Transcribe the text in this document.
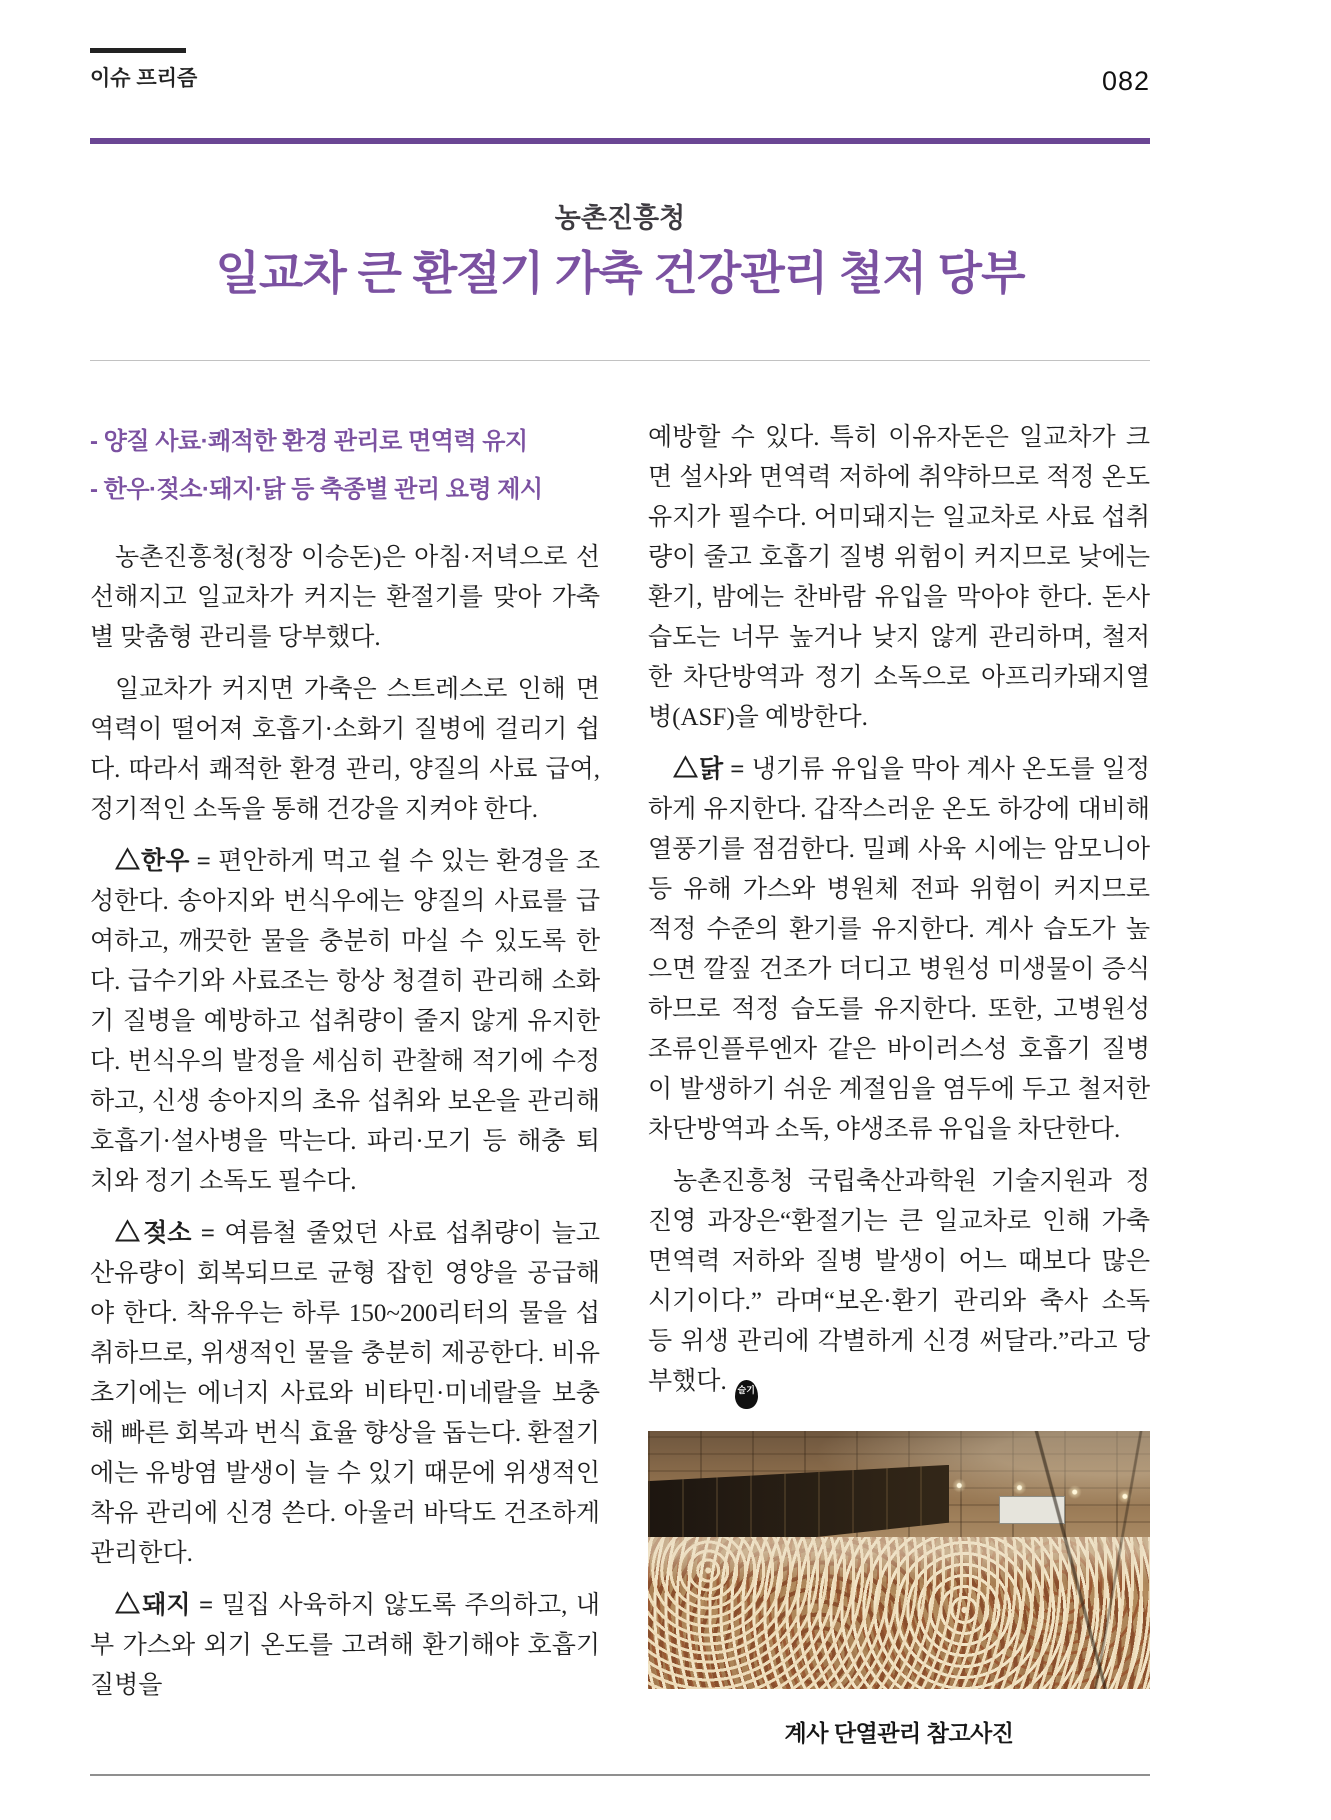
이슈 프리즘	082
농촌진흥청
일교차 큰 환절기 가축 건강관리 철저 당부
- 양질 사료·쾌적한 환경 관리로 면역력 유지
- 한우·젖소·돼지·닭 등 축종별 관리 요령 제시

농촌진흥청(청장 이승돈)은 아침·저녁으로 선선해지고 일교차가 커지는 환절기를 맞아 가축별 맞춤형 관리를 당부했다.

일교차가 커지면 가축은 스트레스로 인해 면역력이 떨어져 호흡기·소화기 질병에 걸리기 쉽다. 따라서 쾌적한 환경 관리, 양질의 사료 급여, 정기적인 소독을 통해 건강을 지켜야 한다.

△한우 = 편안하게 먹고 쉴 수 있는 환경을 조성한다. 송아지와 번식우에는 양질의 사료를 급여하고, 깨끗한 물을 충분히 마실 수 있도록 한다. 급수기와 사료조는 항상 청결히 관리해 소화기 질병을 예방하고 섭취량이 줄지 않게 유지한다. 번식우의 발정을 세심히 관찰해 적기에 수정하고, 신생 송아지의 초유 섭취와 보온을 관리해 호흡기·설사병을 막는다. 파리·모기 등 해충 퇴치와 정기 소독도 필수다.

△젖소 = 여름철 줄었던 사료 섭취량이 늘고 산유량이 회복되므로 균형 잡힌 영양을 공급해야 한다. 착유우는 하루 150~200리터의 물을 섭취하므로, 위생적인 물을 충분히 제공한다. 비유 초기에는 에너지 사료와 비타민·미네랄을 보충해 빠른 회복과 번식 효율 향상을 돕는다. 환절기에는 유방염 발생이 늘 수 있기 때문에 위생적인 착유 관리에 신경 쓴다. 아울러 바닥도 건조하게 관리한다.

△돼지 = 밀집 사육하지 않도록 주의하고, 내부 가스와 외기 온도를 고려해 환기해야 호흡기 질병을

예방할 수 있다. 특히 이유자돈은 일교차가 크면 설사와 면역력 저하에 취약하므로 적정 온도 유지가 필수다. 어미돼지는 일교차로 사료 섭취량이 줄고 호흡기 질병 위험이 커지므로 낮에는 환기, 밤에는 찬바람 유입을 막아야 한다. 돈사 습도는 너무 높거나 낮지 않게 관리하며, 철저한 차단방역과 정기 소독으로 아프리카돼지열병(ASF)을 예방한다.

△닭 = 냉기류 유입을 막아 계사 온도를 일정하게 유지한다. 갑작스러운 온도 하강에 대비해 열풍기를 점검한다. 밀폐 사육 시에는 암모니아 등 유해 가스와 병원체 전파 위험이 커지므로 적정 수준의 환기를 유지한다. 계사 습도가 높으면 깔짚 건조가 더디고 병원성 미생물이 증식하므로 적정 습도를 유지한다. 또한, 고병원성 조류인플루엔자 같은 바이러스성 호흡기 질병이 발생하기 쉬운 계절임을 염두에 두고 철저한 차단방역과 소독, 야생조류 유입을 차단한다.

농촌진흥청 국립축산과학원 기술지원과 정진영 과장은“환절기는 큰 일교차로 인해 가축 면역력 저하와 질병 발생이 어느 때보다 많은 시기이다.” 라며“보온·환기 관리와 축사 소독 등 위생 관리에 각별하게 신경 써달라.”라고 당부했다. 슬기

계사 단열관리 참고사진
